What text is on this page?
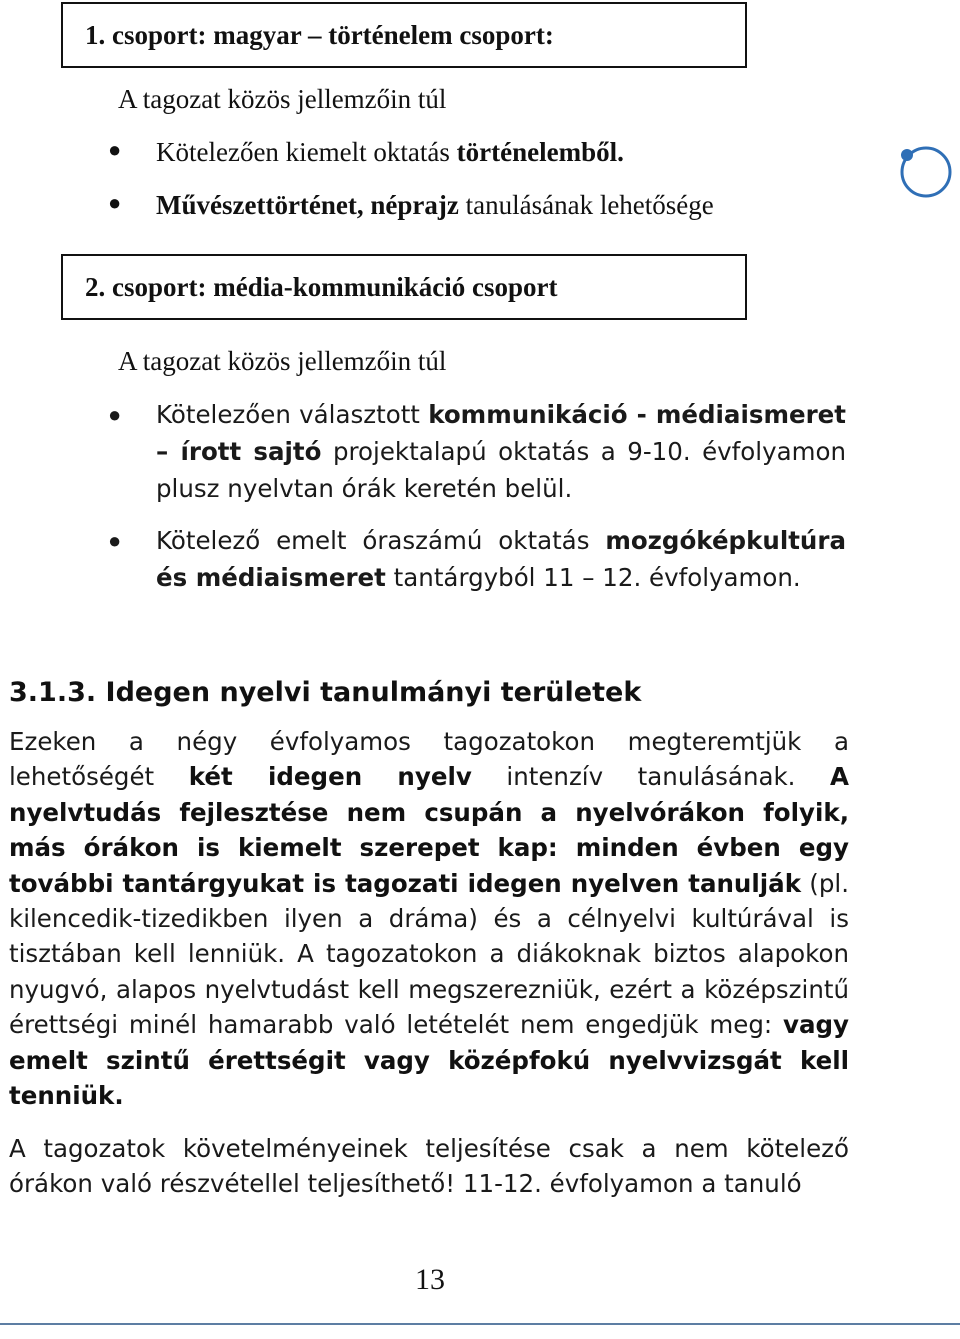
1. csoport: magyar – történelem csoport:
A tagozat közös jellemzőin túl
●	Kötelezően kiemelt oktatás történelemből.
●	Művészettörténet, néprajz tanulásának lehetősége
2. csoport: média-kommunikáció csoport
A tagozat közös jellemzőin túl
●	Kötelezően választott kommunikáció - médiaismeret – írott sajtó projektalapú oktatás a 9-10. évfolyamon plusz nyelvtan órák keretén belül.
●	Kötelező emelt óraszámú oktatás mozgóképkultúra és médiaismeret tantárgyból 11 – 12. évfolyamon.
3.1.3. Idegen nyelvi tanulmányi területek
Ezeken a négy évfolyamos tagozatokon megteremtjük a lehetőségét két idegen nyelv intenzív tanulásának. A nyelvtudás fejlesztése nem csupán a nyelvórákon folyik, más órákon is kiemelt szerepet kap: minden évben egy további tantárgyukat is tagozati idegen nyelven tanulják (pl. kilencedik-tizedikben ilyen a dráma) és a célnyelvi kultúrával is tisztában kell lenniük. A tagozatokon a diákoknak biztos alapokon nyugvó, alapos nyelvtudást kell megszerezniük, ezért a középszintű érettségi minél hamarabb való letételét nem engedjük meg: vagy emelt szintű érettségit vagy középfokú nyelvvizsgát kell tenniük.
A tagozatok követelményeinek teljesítése csak a nem kötelező órákon való részvétellel teljesíthető! 11-12. évfolyamon a tanuló
13
